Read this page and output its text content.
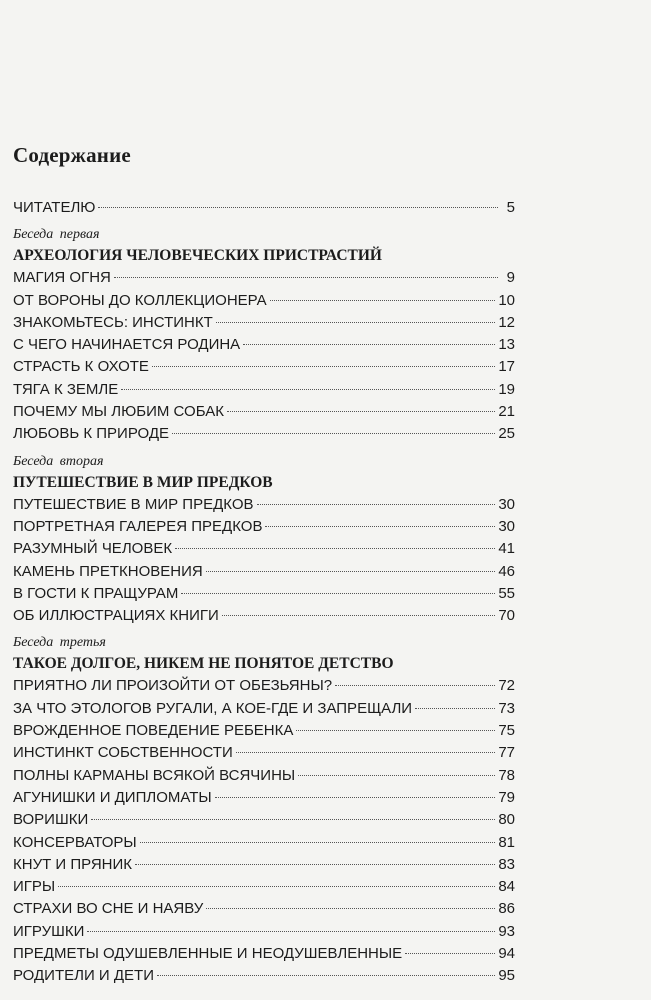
Содержание
ЧИТАТЕЛЮ	5
Беседа первая
АРХЕОЛОГИЯ ЧЕЛОВЕЧЕСКИХ ПРИСТРАСТИЙ
МАГИЯ ОГНЯ	9
ОТ ВОРОНЫ ДО КОЛЛЕКЦИОНЕРА	10
ЗНАКОМЬТЕСЬ: ИНСТИНКТ	12
С ЧЕГО НАЧИНАЕТСЯ РОДИНА	13
СТРАСТЬ К ОХОТЕ	17
ТЯГА К ЗЕМЛЕ	19
ПОЧЕМУ МЫ ЛЮБИМ СОБАК	21
ЛЮБОВЬ К ПРИРОДЕ	25
Беседа вторая
ПУТЕШЕСТВИЕ В МИР ПРЕДКОВ
ПУТЕШЕСТВИЕ В МИР ПРЕДКОВ	30
ПОРТРЕТНАЯ ГАЛЕРЕЯ ПРЕДКОВ	30
РАЗУМНЫЙ ЧЕЛОВЕК	41
КАМЕНЬ ПРЕТКНОВЕНИЯ	46
В ГОСТИ К ПРАЩУРАМ	55
ОБ ИЛЛЮСТРАЦИЯХ КНИГИ	70
Беседа третья
ТАКОЕ ДОЛГОЕ, НИКЕМ НЕ ПОНЯТОЕ ДЕТСТВО
ПРИЯТНО ЛИ ПРОИЗОЙТИ ОТ ОБЕЗЬЯНЫ?	72
ЗА ЧТО ЭТОЛОГОВ РУГАЛИ, А КОЕ-ГДЕ И ЗАПРЕЩАЛИ	73
ВРОЖДЕННОЕ ПОВЕДЕНИЕ РЕБЕНКА	75
ИНСТИНКТ СОБСТВЕННОСТИ	77
ПОЛНЫ КАРМАНЫ ВСЯКОЙ ВСЯЧИНЫ	78
АГУНИШКИ И ДИПЛОМАТЫ	79
ВОРИШКИ	80
КОНСЕРВАТОРЫ	81
КНУТ И ПРЯНИК	83
ИГРЫ	84
СТРАХИ ВО СНЕ И НАЯВУ	86
ИГРУШКИ	93
ПРЕДМЕТЫ ОДУШЕВЛЕННЫЕ И НЕОДУШЕВЛЕННЫЕ	94
РОДИТЕЛИ И ДЕТИ	95
